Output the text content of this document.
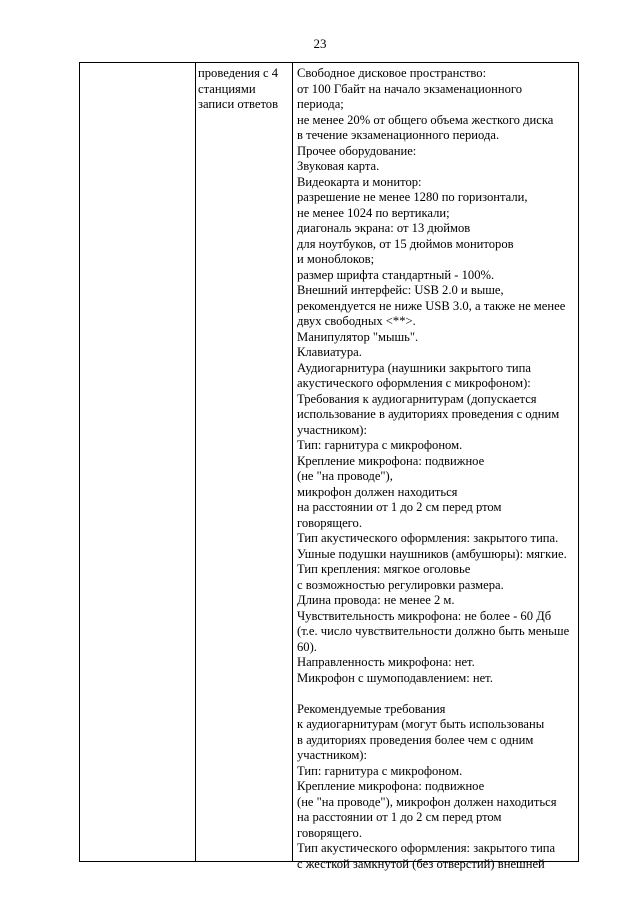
23
проведения с 4
станциями
записи ответов
Свободное дисковое пространство:
от 100 Гбайт на начало экзаменационного
периода;
не менее 20% от общего объема жесткого диска
в течение экзаменационного периода.
Прочее оборудование:
Звуковая карта.
Видеокарта и монитор:
разрешение не менее 1280 по горизонтали,
не менее 1024 по вертикали;
диагональ экрана: от 13 дюймов
для ноутбуков, от 15 дюймов мониторов
и моноблоков;
размер шрифта стандартный - 100%.
Внешний интерфейс: USB 2.0 и выше,
рекомендуется не ниже USB 3.0, а также не менее
двух свободных <**>.
Манипулятор "мышь".
Клавиатура.
Аудиогарнитура (наушники закрытого типа
акустического оформления с микрофоном):
Требования к аудиогарнитурам (допускается
использование в аудиториях проведения с одним
участником):
Тип: гарнитура с микрофоном.
Крепление микрофона: подвижное
(не "на проводе"),
микрофон должен находиться
на расстоянии от 1 до 2 см перед ртом
говорящего.
Тип акустического оформления: закрытого типа.
Ушные подушки наушников (амбушюры): мягкие.
Тип крепления: мягкое оголовье
с возможностью регулировки размера.
Длина провода: не менее 2 м.
Чувствительность микрофона: не более - 60 Дб
(т.е. число чувствительности должно быть меньше
60).
Направленность микрофона: нет.
Микрофон с шумоподавлением: нет.
Рекомендуемые требования
к аудиогарнитурам (могут быть использованы
в аудиториях проведения более чем с одним
участником):
Тип: гарнитура с микрофоном.
Крепление микрофона: подвижное
(не "на проводе"), микрофон должен находиться
на расстоянии от 1 до 2 см перед ртом
говорящего.
Тип акустического оформления: закрытого типа
с жесткой замкнутой (без отверстий) внешней
